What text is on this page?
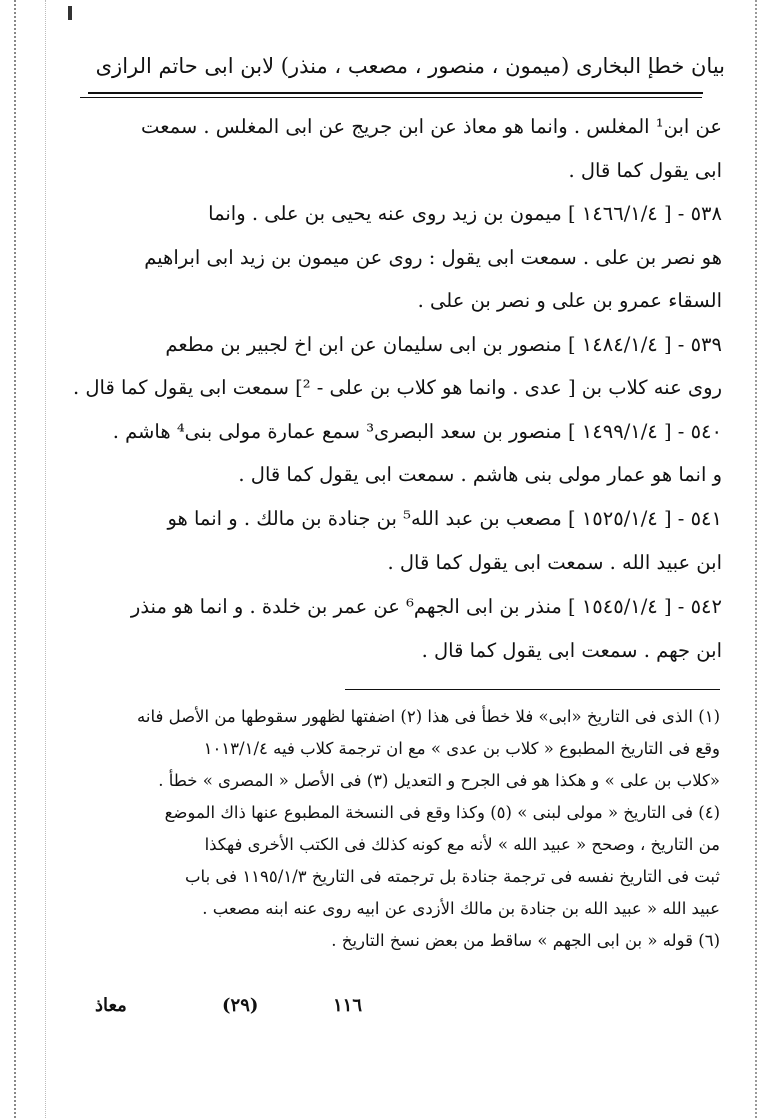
بيان خطإ البخارى (ميمون ، منصور ، مصعب ، منذر) لابن ابى حاتم الرازى
عن ابن¹ المغلس . وانما هو معاذ عن ابن جريج عن ابى المغلس . سمعت
ابى يقول كما قال .
٥٣٨ - [ ١٤٦٦/١/٤ ] ميمون بن زيد روى عنه يحيى بن على . وانما
هو نصر بن على . سمعت ابى يقول : روى عن ميمون بن زيد ابى ابراهيم
السقاء عمرو بن على و نصر بن على .
٥٣٩ - [ ١٤٨٤/١/٤ ] منصور بن ابى سليمان عن ابن اخ لجبير بن مطعم
روى عنه كلاب بن [ عدى . وانما هو كلاب بن على - ²] سمعت ابى يقول كما قال .
٥٤٠ - [ ١٤٩٩/١/٤ ] منصور بن سعد البصرى³ سمع عمارة مولى بنى⁴ هاشم .
و انما هو عمار مولى بنى هاشم . سمعت ابى يقول كما قال .
٥٤١ - [ ١٥٢٥/١/٤ ] مصعب بن عبد الله⁵ بن جنادة بن مالك . و انما هو
ابن عبيد الله . سمعت ابى يقول كما قال .
٥٤٢ - [ ١٥٤٥/١/٤ ] منذر بن ابى الجهم⁶ عن عمر بن خلدة . و انما هو منذر
ابن جهم . سمعت ابى يقول كما قال .
(١) الذى فى التاريخ «ابى» فلا خطأ فى هذا (٢) اضفتها لظهور سقوطها من الأصل فانه
وقع فى التاريخ المطبوع « كلاب بن عدى » مع ان ترجمة كلاب فيه ١٠١٣/١/٤
«كلاب بن على » و هكذا هو فى الجرح و التعديل (٣) فى الأصل « المصرى » خطأ .
(٤) فى التاريخ « مولى لبنى » (٥) وكذا وقع فى النسخة المطبوع عنها ذاك الموضع
من التاريخ ، وصحح « عبيد الله » لأنه مع كونه كذلك فى الكتب الأخرى فهكذا
ثبت فى التاريخ نفسه فى ترجمة جنادة بل ترجمته فى التاريخ ١١٩٥/١/٣ فى باب
عبيد الله « عبيد الله بن جنادة بن مالك الأزدى عن ابيه روى عنه ابنه مصعب .
(٦) قوله « بن ابى الجهم » ساقط من بعض نسخ التاريخ .
معاذ	(٢٩)	١١٦
